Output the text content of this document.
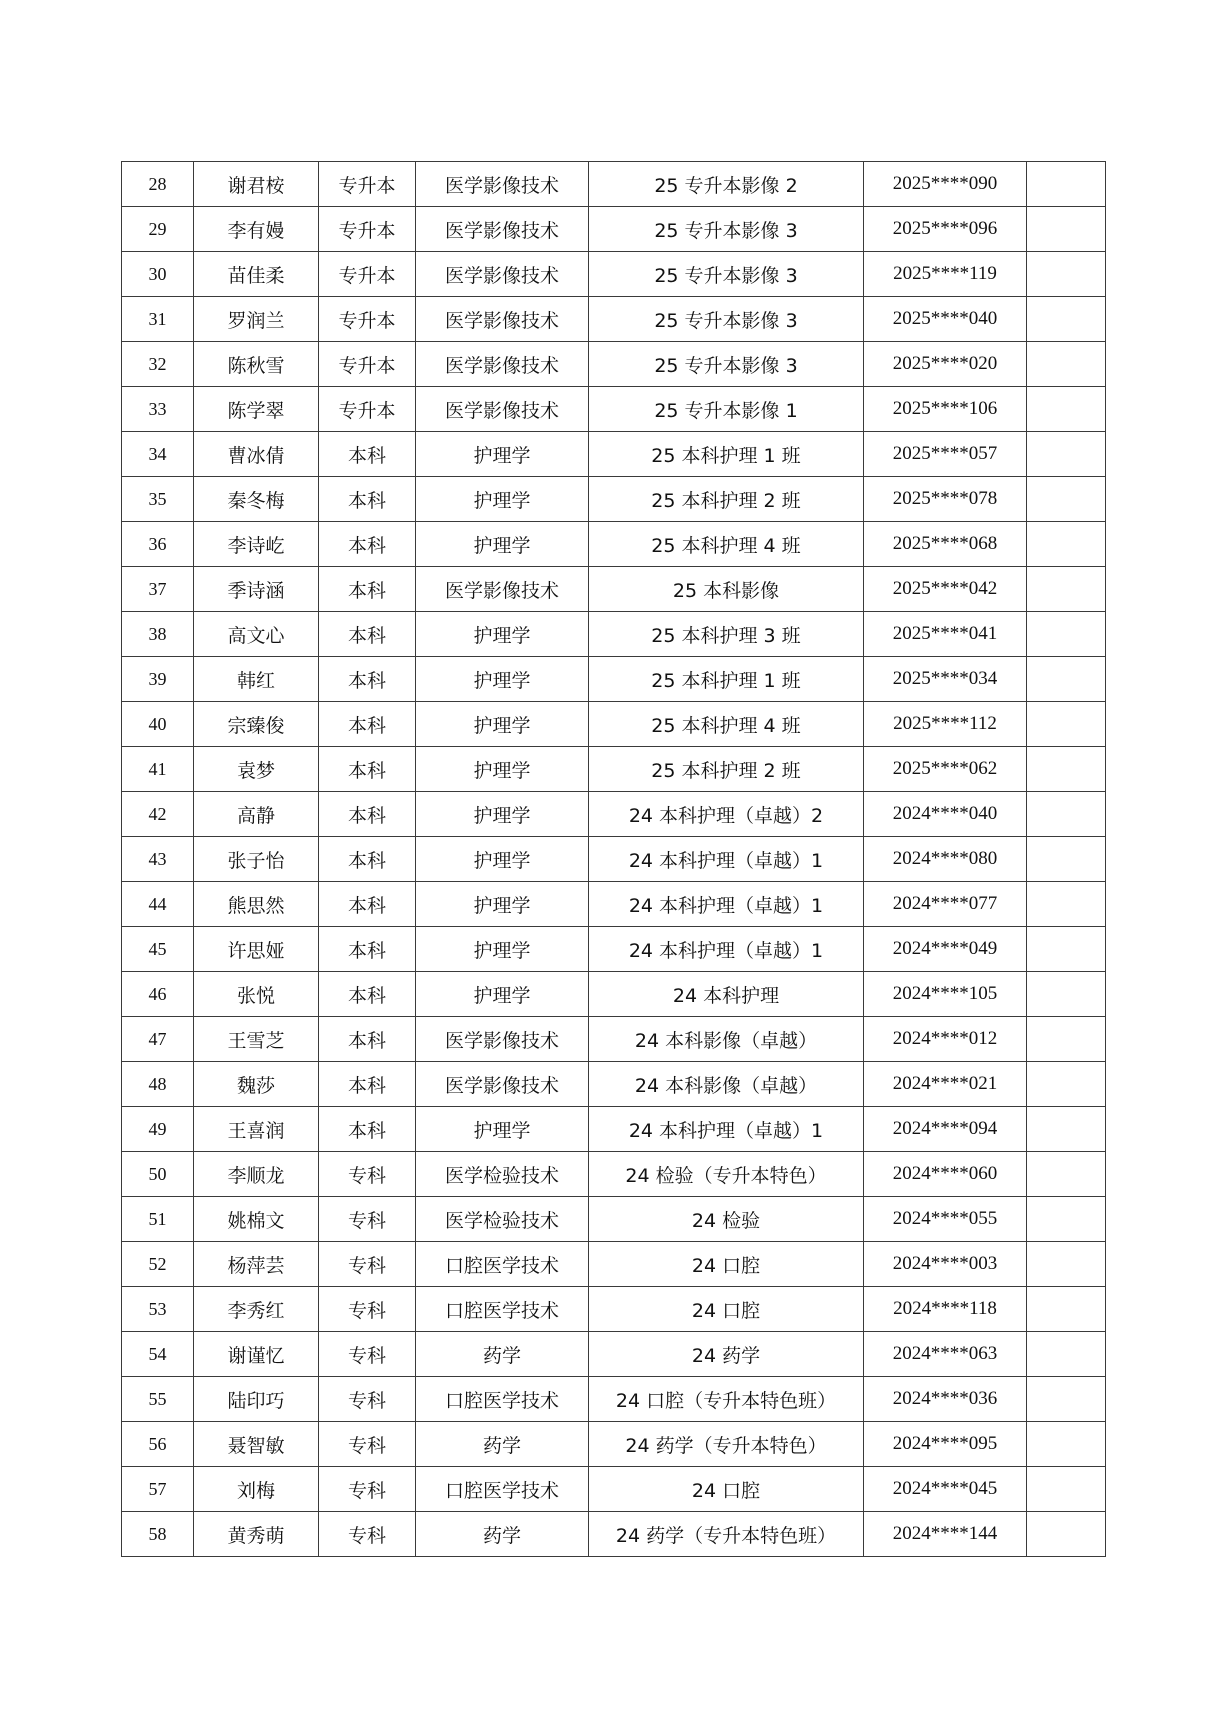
28	谢君桉	专升本	医学影像技术	25 专升本影像 2	2025****090	
29	李有嫚	专升本	医学影像技术	25 专升本影像 3	2025****096	
30	苗佳柔	专升本	医学影像技术	25 专升本影像 3	2025****119	
31	罗润兰	专升本	医学影像技术	25 专升本影像 3	2025****040	
32	陈秋雪	专升本	医学影像技术	25 专升本影像 3	2025****020	
33	陈学翠	专升本	医学影像技术	25 专升本影像 1	2025****106	
34	曹冰倩	本科	护理学	25 本科护理 1 班	2025****057	
35	秦冬梅	本科	护理学	25 本科护理 2 班	2025****078	
36	李诗屹	本科	护理学	25 本科护理 4 班	2025****068	
37	季诗涵	本科	医学影像技术	25 本科影像	2025****042	
38	高文心	本科	护理学	25 本科护理 3 班	2025****041	
39	韩红	本科	护理学	25 本科护理 1 班	2025****034	
40	宗臻俊	本科	护理学	25 本科护理 4 班	2025****112	
41	袁梦	本科	护理学	25 本科护理 2 班	2025****062	
42	高静	本科	护理学	24 本科护理（卓越）2	2024****040	
43	张子怡	本科	护理学	24 本科护理（卓越）1	2024****080	
44	熊思然	本科	护理学	24 本科护理（卓越）1	2024****077	
45	许思娅	本科	护理学	24 本科护理（卓越）1	2024****049	
46	张悦	本科	护理学	24 本科护理	2024****105	
47	王雪芝	本科	医学影像技术	24 本科影像（卓越）	2024****012	
48	魏莎	本科	医学影像技术	24 本科影像（卓越）	2024****021	
49	王喜润	本科	护理学	24 本科护理（卓越）1	2024****094	
50	李顺龙	专科	医学检验技术	24 检验（专升本特色）	2024****060	
51	姚棉文	专科	医学检验技术	24 检验	2024****055	
52	杨萍芸	专科	口腔医学技术	24 口腔	2024****003	
53	李秀红	专科	口腔医学技术	24 口腔	2024****118	
54	谢谨忆	专科	药学	24 药学	2024****063	
55	陆印巧	专科	口腔医学技术	24 口腔（专升本特色班）	2024****036	
56	聂智敏	专科	药学	24 药学（专升本特色）	2024****095	
57	刘梅	专科	口腔医学技术	24 口腔	2024****045	
58	黄秀萌	专科	药学	24 药学（专升本特色班）	2024****144	
